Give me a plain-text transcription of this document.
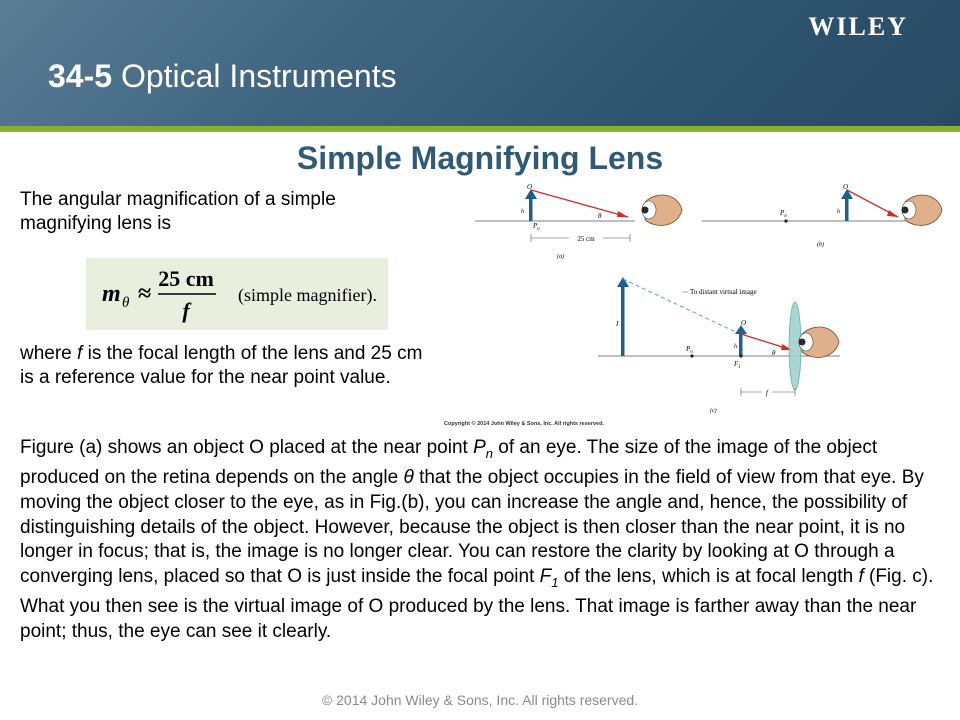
WILEY
34-5 Optical Instruments
Simple Magnifying Lens
The angular magnification of a simple magnifying lens is
m θ ≈
25 cm
f
(simple magnifier).
where f is the focal length of the lens and 25 cm is a reference value for the near point value.
O
h
$P_n$
θ
25 cm
(a)
$P_n$
O
h
(b)
I
To distant virtual image
$P_n$
O
h
$F_1$
θ
f
(c)
Copyright © 2014 John Wiley & Sons, Inc. All rights reserved.
Figure (a) shows an object O placed at the near point $P_n$ of an eye. The size of the image of the object produced on the retina depends on the angle θ that the object occupies in the field of view from that eye. By moving the object closer to the eye, as in Fig.(b), you can increase the angle and, hence, the possibility of distinguishing details of the object. However, because the object is then closer than the near point, it is no longer in focus; that is, the image is no longer clear. You can restore the clarity by looking at O through a converging lens, placed so that O is just inside the focal point $F_1$ of the lens, which is at focal length f (Fig. c). What you then see is the virtual image of O produced by the lens. That image is farther away than the near point; thus, the eye can see it clearly.
© 2014 John Wiley & Sons, Inc. All rights reserved.
